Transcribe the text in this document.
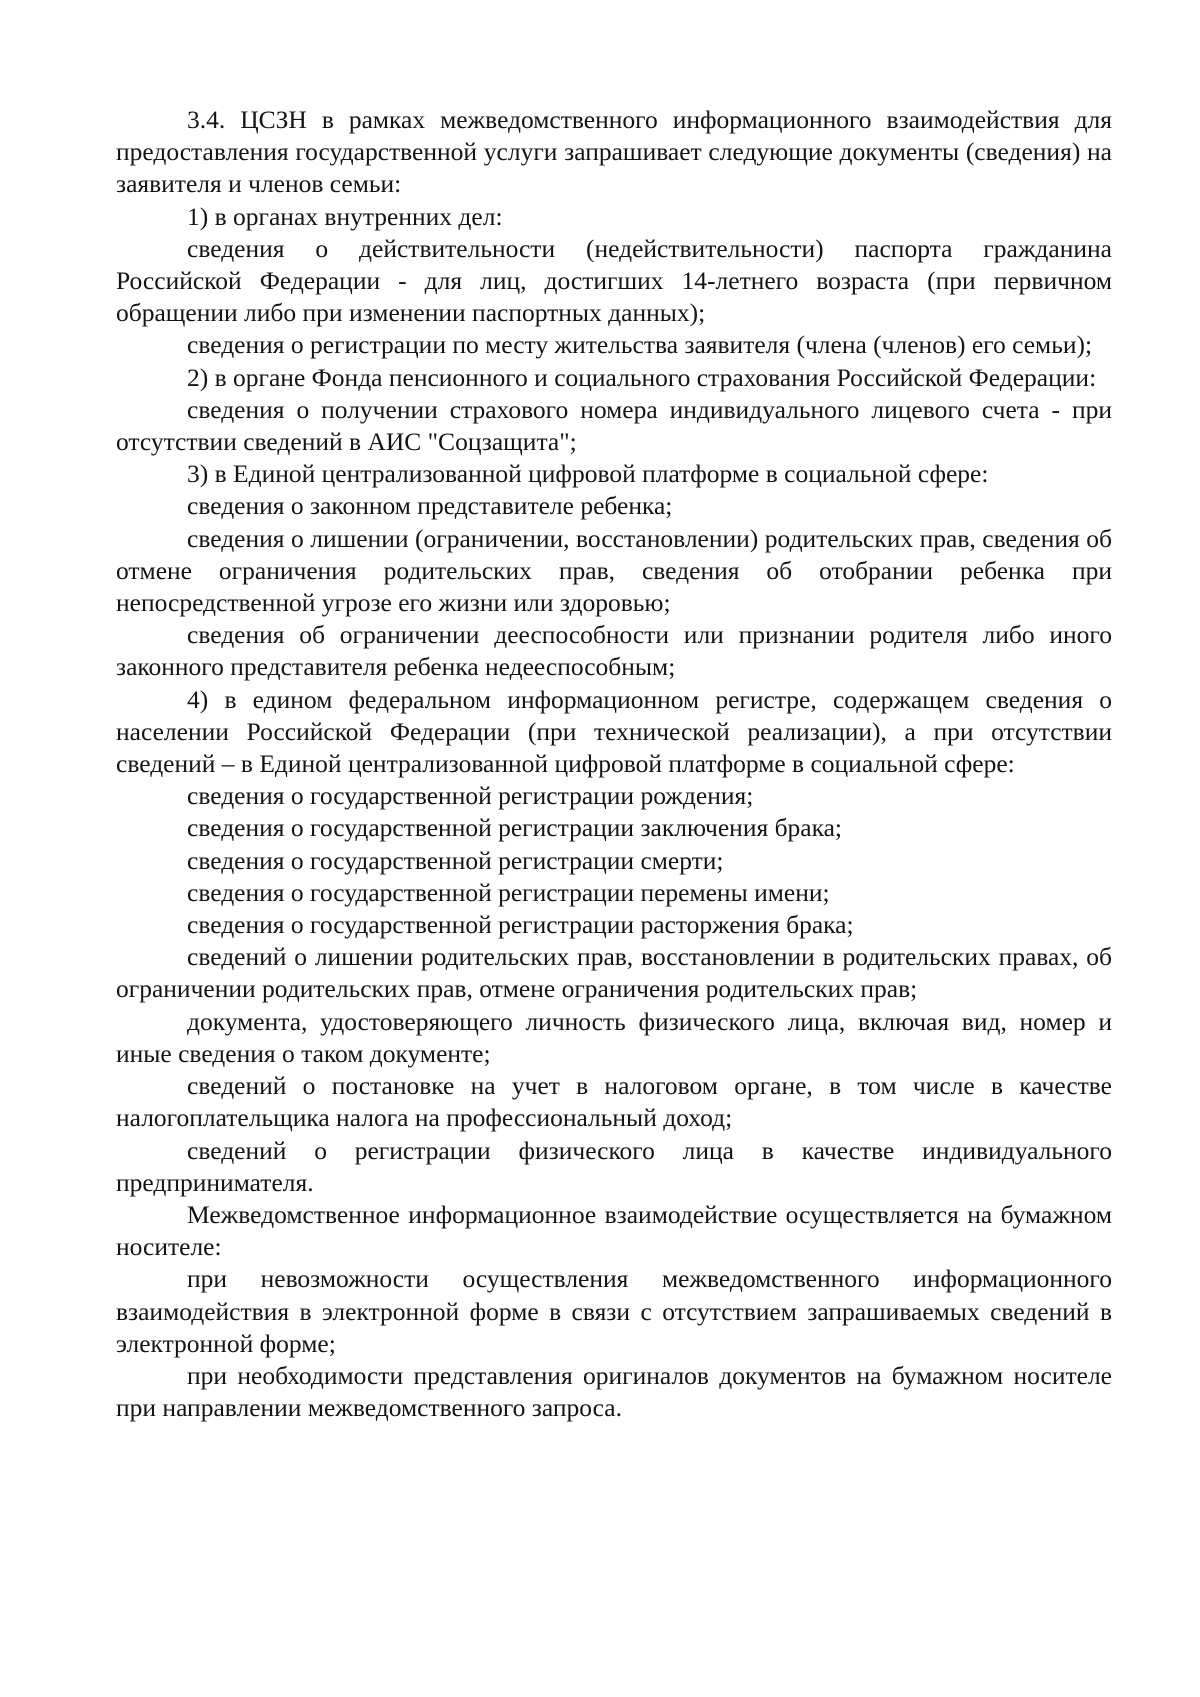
3.4. ЦСЗН в рамках межведомственного информационного взаимодействия для предоставления государственной услуги запрашивает следующие документы (сведения) на заявителя и членов семьи:

1) в органах внутренних дел:

сведения о действительности (недействительности) паспорта гражданина Российской Федерации - для лиц, достигших 14-летнего возраста (при первичном обращении либо при изменении паспортных данных);

сведения о регистрации по месту жительства заявителя (члена (членов) его семьи);

2) в органе Фонда пенсионного и социального страхования Российской Федерации:

сведения о получении страхового номера индивидуального лицевого счета - при отсутствии сведений в АИС "Соцзащита";

3) в Единой централизованной цифровой платформе в социальной сфере:

сведения о законном представителе ребенка;

сведения о лишении (ограничении, восстановлении) родительских прав, сведения об отмене ограничения родительских прав, сведения об отобрании ребенка при непосредственной угрозе его жизни или здоровью;

сведения об ограничении дееспособности или признании родителя либо иного законного представителя ребенка недееспособным;

4) в едином федеральном информационном регистре, содержащем сведения о населении Российской Федерации (при технической реализации), а при отсутствии сведений – в Единой централизованной цифровой платформе в социальной сфере:

сведения о государственной регистрации рождения;

сведения о государственной регистрации заключения брака;

сведения о государственной регистрации смерти;

сведения о государственной регистрации перемены имени;

сведения о государственной регистрации расторжения брака;

сведений о лишении родительских прав, восстановлении в родительских правах, об ограничении родительских прав, отмене ограничения родительских прав;

документа, удостоверяющего личность физического лица, включая вид, номер и иные сведения о таком документе;

сведений о постановке на учет в налоговом органе, в том числе в качестве налогоплательщика налога на профессиональный доход;

сведений о регистрации физического лица в качестве индивидуального предпринимателя.

Межведомственное информационное взаимодействие осуществляется на бумажном носителе:

при невозможности осуществления межведомственного информационного взаимодействия в электронной форме в связи с отсутствием запрашиваемых сведений в электронной форме;

при необходимости представления оригиналов документов на бумажном носителе при направлении межведомственного запроса.
